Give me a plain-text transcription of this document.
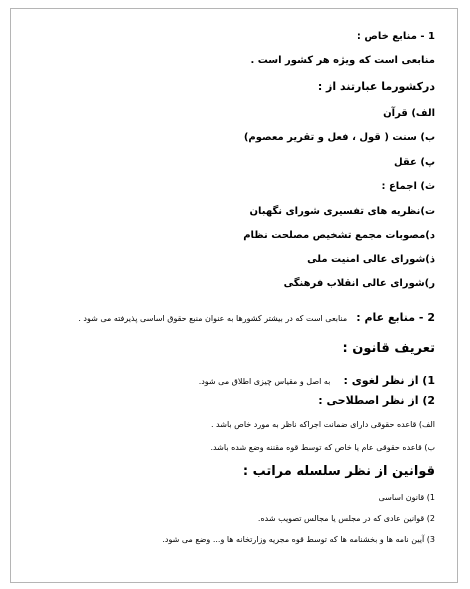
1 - منابع خاص :
منابعی است که ویژه هر کشور است .
درکشورما عبارتند از :
الف) قرآن
ب) سنت ( قول ، فعل و تقریر معصوم)
پ) عقل
ث) اجماع :
ت)نظریه های تفسیری شورای نگهبان
د)مصوبات مجمع تشخیص مصلحت نظام
ذ)شورای عالی امنیت ملی
ر)شورای عالی انقلاب فرهنگی
2 - منابع عام : منابعی است که در بیشتر کشورها به عنوان منبع حقوق اساسی پذیرفته می شود .
تعریف قانون :
1) از نظر لغوی : به اصل و مقیاس چیزی اطلاق می شود.
2) از نظر اصطلاحی :
الف) قاعده حقوقی دارای ضمانت اجراکه ناظر به مورد خاص باشد .
ب) قاعده حقوقی عام یا خاص که توسط قوه مقننه وضع شده باشد.
قوانین از نظر سلسله مراتب :
1) قانون اساسی
2) قوانین عادی که در مجلس یا مجالس تصویب شده.
3) آیین نامه ها و بخشنامه ها که توسط قوه مجریه وزارتخانه ها و... وضع می شود.
